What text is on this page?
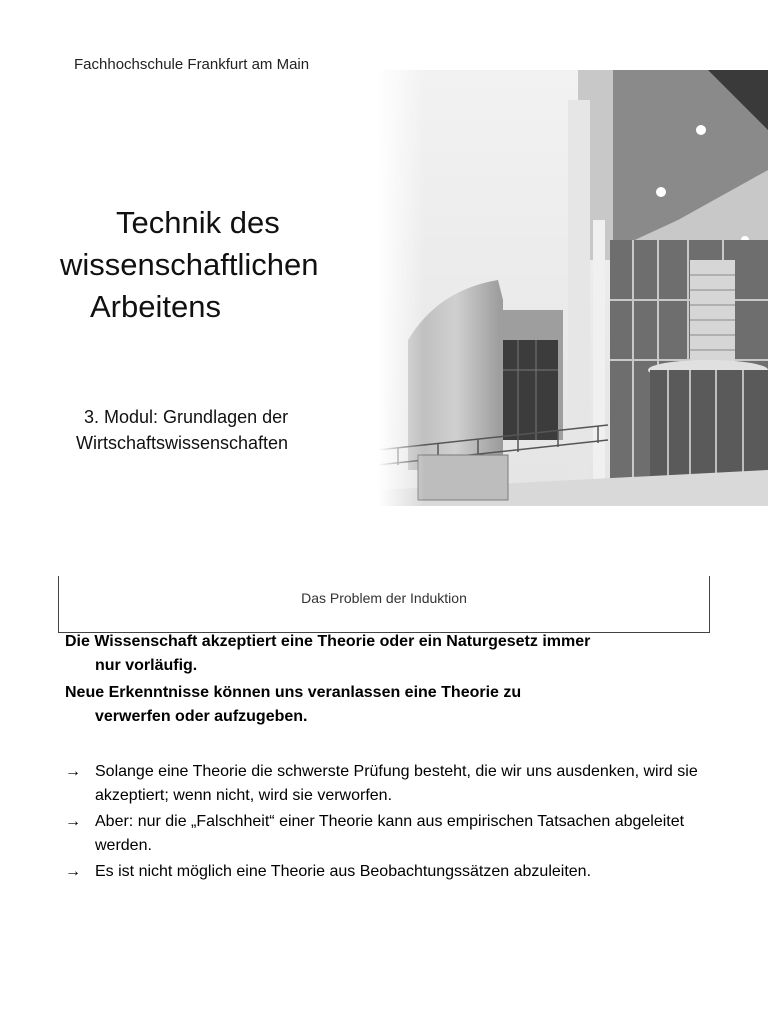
Fachhochschule Frankfurt am Main
Technik des
wissenschaftlichen
Arbeitens
3. Modul: Grundlagen der
Wirtschaftswissenschaften
Das Problem der Induktion
Die Wissenschaft akzeptiert eine Theorie oder ein Naturgesetz immer
nur vorläufig.
Neue Erkenntnisse können uns veranlassen eine Theorie zu
verwerfen oder aufzugeben.
→ Solange eine Theorie die schwerste Prüfung besteht, die wir uns ausdenken, wird sie akzeptiert; wenn nicht, wird sie verworfen.
→ Aber: nur die „Falschheit“ einer Theorie kann aus empirischen Tatsachen abgeleitet werden.
→ Es ist nicht möglich eine Theorie aus Beobachtungssätzen abzuleiten.
